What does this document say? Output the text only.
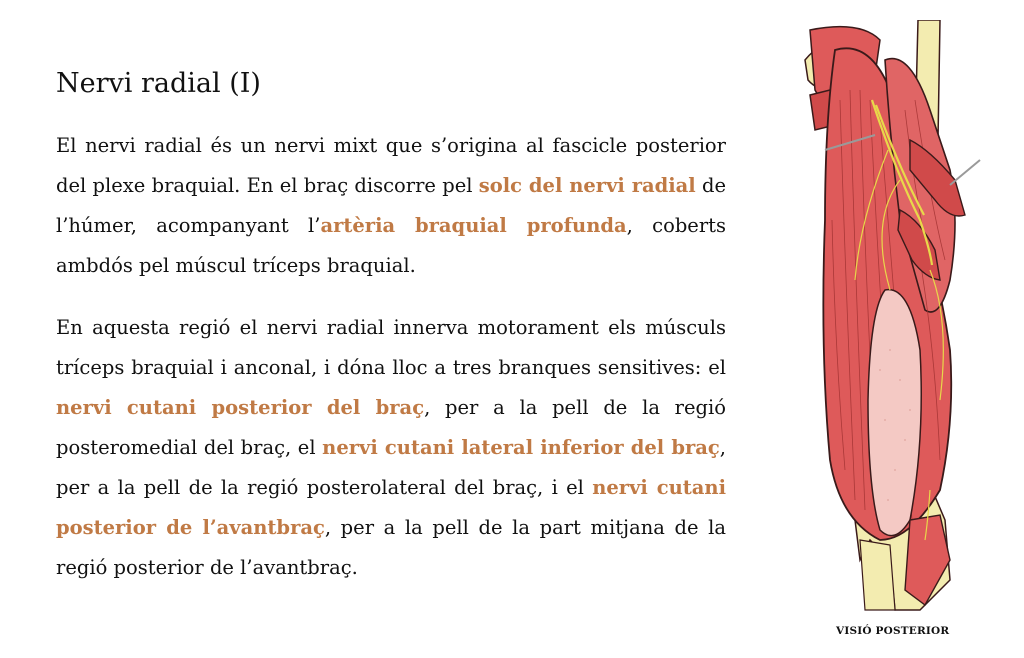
Nervi radial (I)

El nervi radial és un nervi mixt que s’origina al fascicle posterior del plexe braquial. En el braç discorre pel solc del nervi radial de l’húmer, acompanyant l’artèria braquial profunda, coberts ambdós pel múscul tríceps braquial.

En aquesta regió el nervi radial innerva motorament els músculs tríceps braquial i anconal, i dóna lloc a tres branques sensitives: el nervi cutani posterior del braç, per a la pell de la regió posteromedial del braç, el nervi cutani lateral inferior del braç, per a la pell de la regió posterolateral del braç, i el nervi cutani posterior de l’avantbraç, per a la pell de la part mitjana de la regió posterior de l’avantbraç.

VISIÓ POSTERIOR
